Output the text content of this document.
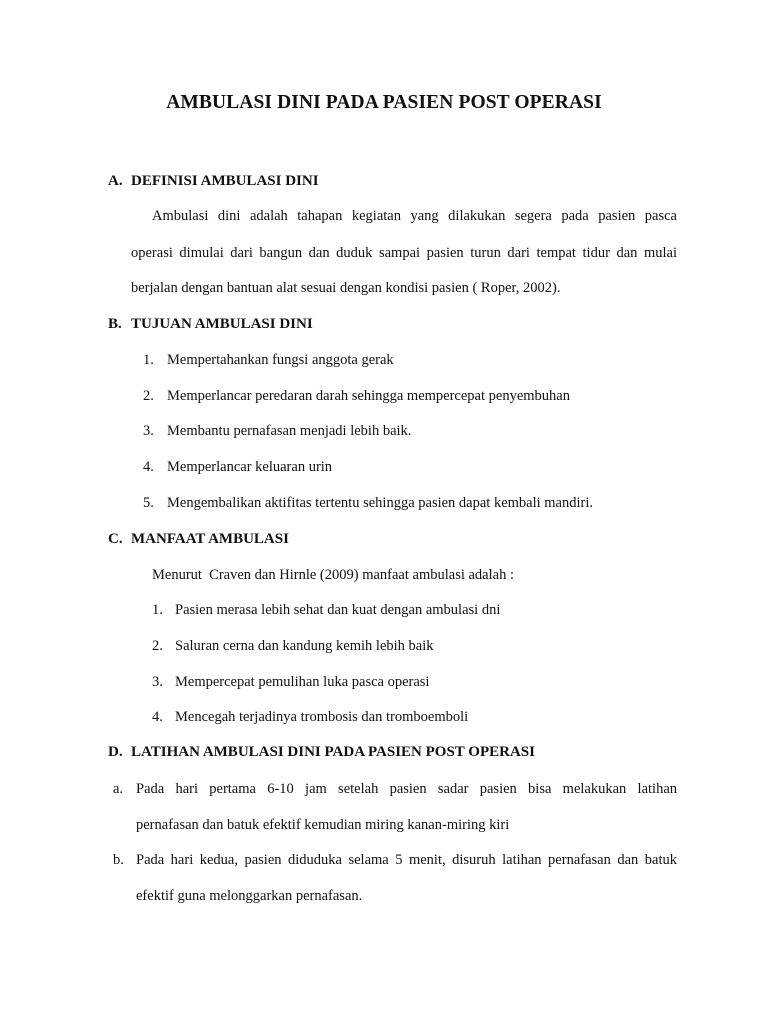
AMBULASI DINI PADA PASIEN POST OPERASI
A. DEFINISI AMBULASI DINI
Ambulasi dini adalah tahapan kegiatan yang dilakukan segera pada pasien pasca
operasi dimulai dari bangun dan duduk sampai pasien turun dari tempat tidur dan mulai
berjalan dengan bantuan alat sesuai dengan kondisi pasien ( Roper, 2002).
B. TUJUAN AMBULASI DINI
1. Mempertahankan fungsi anggota gerak
2. Memperlancar peredaran darah sehingga mempercepat penyembuhan
3. Membantu pernafasan menjadi lebih baik.
4. Memperlancar keluaran urin
5. Mengembalikan aktifitas tertentu sehingga pasien dapat kembali mandiri.
C. MANFAAT AMBULASI
Menurut  Craven dan Hirnle (2009) manfaat ambulasi adalah :
1. Pasien merasa lebih sehat dan kuat dengan ambulasi dni
2. Saluran cerna dan kandung kemih lebih baik
3. Mempercepat pemulihan luka pasca operasi
4. Mencegah terjadinya trombosis dan tromboemboli
D. LATIHAN AMBULASI DINI PADA PASIEN POST OPERASI
a. Pada hari pertama 6-10 jam setelah pasien sadar pasien bisa melakukan latihan
pernafasan dan batuk efektif kemudian miring kanan-miring kiri
b. Pada hari kedua, pasien diduduka selama 5 menit, disuruh latihan pernafasan dan batuk
efektif guna melonggarkan pernafasan.
